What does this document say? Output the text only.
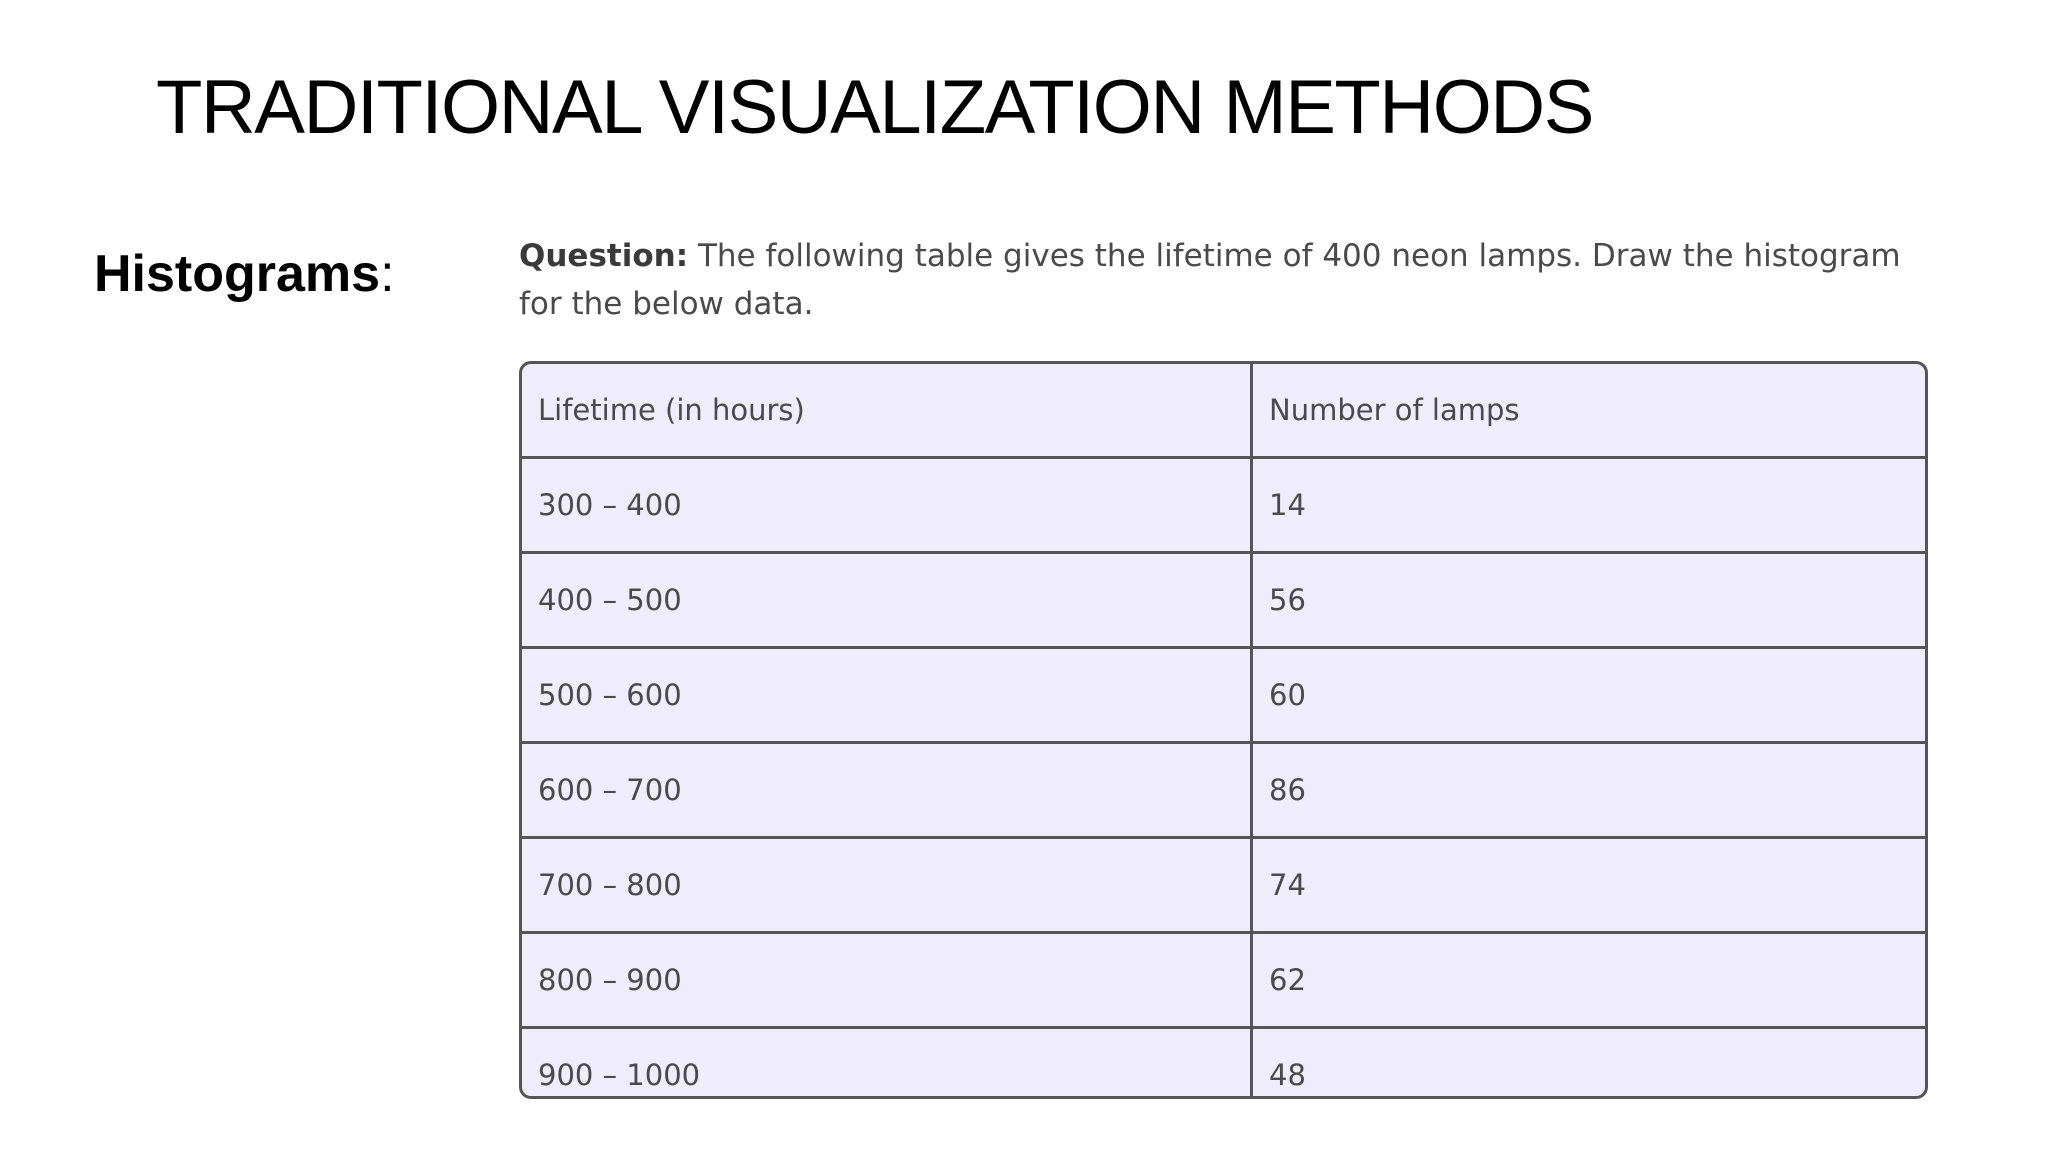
TRADITIONAL VISUALIZATION METHODS
Histograms:	Question: The following table gives the lifetime of 400 neon lamps. Draw the histogram for the below data.

Lifetime (in hours)	Number of lamps
300 – 400	14
400 – 500	56
500 – 600	60
600 – 700	86
700 – 800	74
800 – 900	62
900 – 1000	48
